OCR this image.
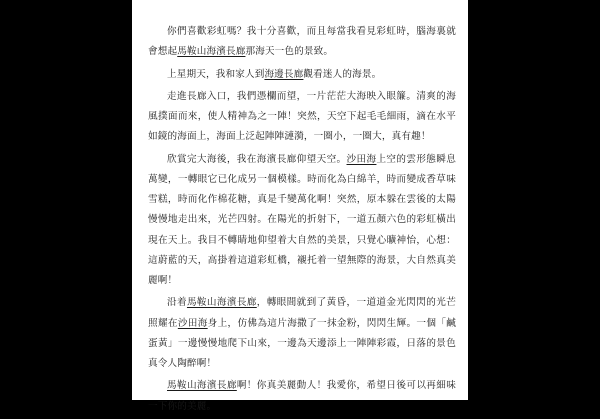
你們喜歡彩虹嗎？我十分喜歡，而且每當我看見彩虹時，腦海裏就會想起馬鞍山海濱長廊那海天一色的景致。

上星期天，我和家人到海邊長廊觀看迷人的海景。

走進長廊入口，我們憑欄而望，一片茫茫大海映入眼簾。清爽的海風撲面而來，使人精神為之一陣！突然，天空下起毛毛細雨，滴在水平如鏡的海面上，海面上泛起陣陣漣漪，一圈小，一圈大，真有趣！

欣賞完大海後，我在海濱長廊仰望天空。沙田海上空的雲形態瞬息萬變，一轉眼它已化成另一個模樣。時而化為白綿羊，時而變成香草味雪糕，時而化作棉花糖，真是千變萬化啊！突然，原本躲在雲後的太陽慢慢地走出來，光芒四射。在陽光的折射下，一道五顏六色的彩虹橫出現在天上。我目不轉睛地仰望着大自然的美景，只覺心曠神怡，心想：這蔚藍的天，高掛着這道彩虹橋，襯托着一望無際的海景，大自然真美麗啊！

沿着馬鞍山海濱長廊，轉眼間就到了黃昏，一道道金光閃閃的光芒照耀在沙田海身上，仿佛為這片海撒了一抹金粉，閃閃生輝。一個「鹹蛋黃」一邊慢慢地爬下山來，一邊為天邊添上一陣陣彩霞，日落的景色真令人陶醉啊！

馬鞍山海濱長廊啊！你真美麗動人！我愛你，希望日後可以再細味一下你的美麗。
